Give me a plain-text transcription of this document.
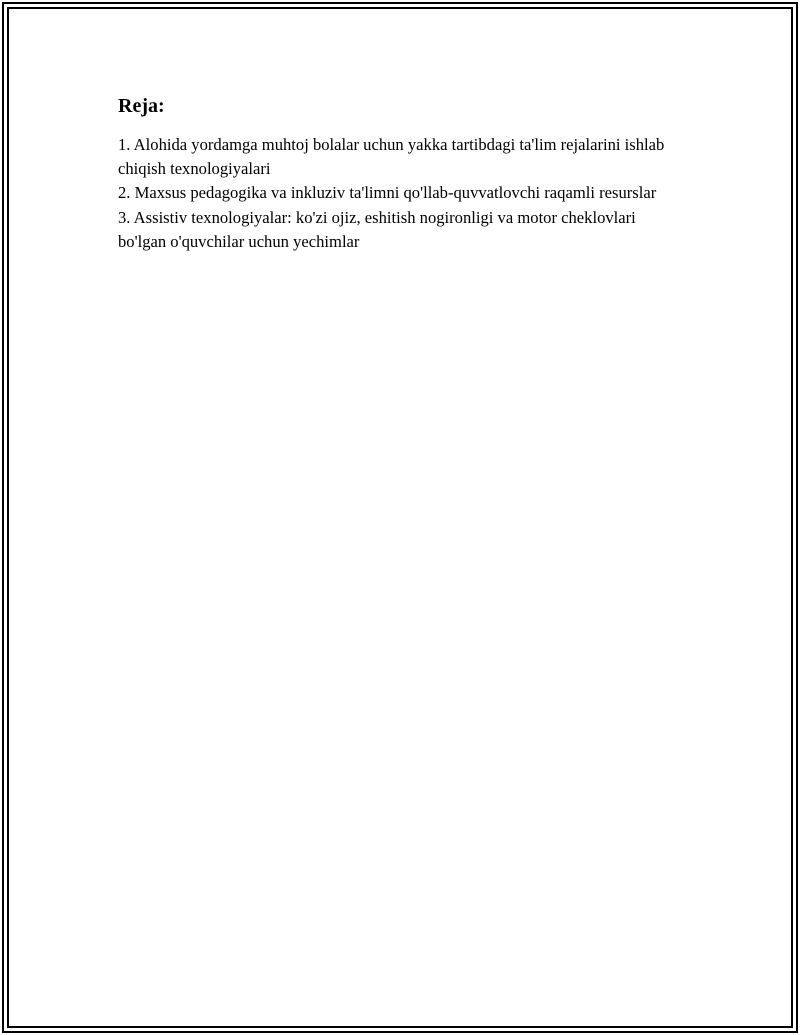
Reja:

1. Alohida yordamga muhtoj bolalar uchun yakka tartibdagi ta'lim rejalarini ishlab chiqish texnologiyalari

2. Maxsus pedagogika va inkluziv ta'limni qo'llab-quvvatlovchi raqamli resurslar

3. Assistiv texnologiyalar: ko'zi ojiz, eshitish nogironligi va motor cheklovlari bo'lgan o'quvchilar uchun yechimlar
